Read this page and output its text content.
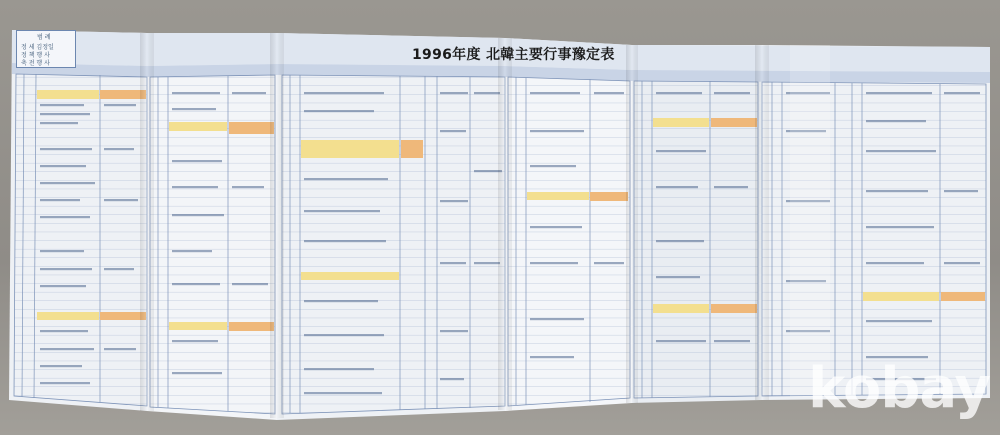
범 례
정 세 김정일
정 책 행 사
축 전 행 사
1996年度 北韓主要行事豫定表
kobay
